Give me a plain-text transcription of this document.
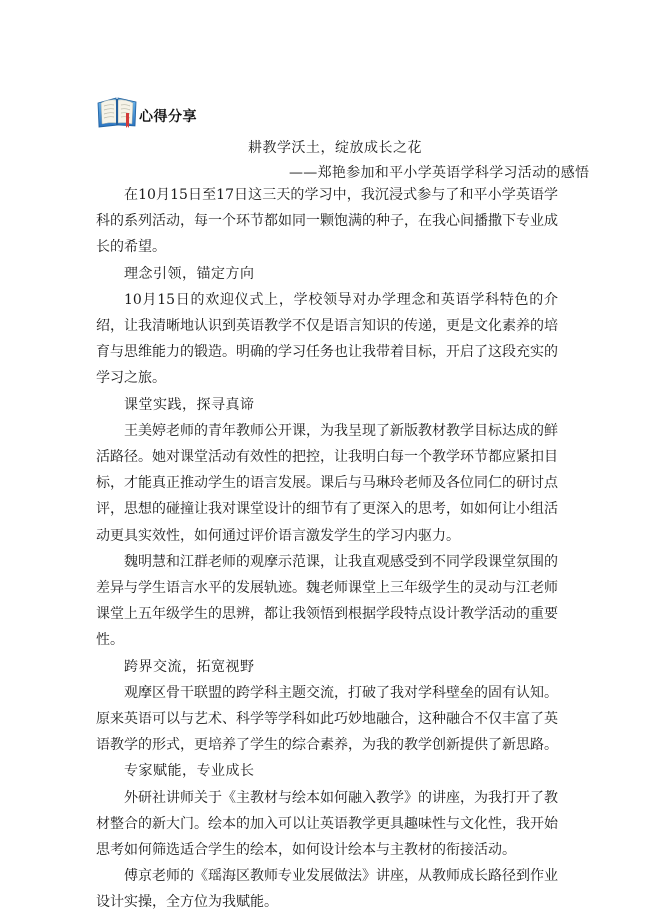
心得分享
耕教学沃土，绽放成长之花
——郑艳参加和平小学英语学科学习活动的感悟

在10月15日至17日这三天的学习中，我沉浸式参与了和平小学英语学科的系列活动，每一个环节都如同一颗饱满的种子，在我心间播撒下专业成长的希望。

理念引领，锚定方向

10月15日的欢迎仪式上，学校领导对办学理念和英语学科特色的介绍，让我清晰地认识到英语教学不仅是语言知识的传递，更是文化素养的培育与思维能力的锻造。明确的学习任务也让我带着目标，开启了这段充实的学习之旅。

课堂实践，探寻真谛

王美婷老师的青年教师公开课，为我呈现了新版教材教学目标达成的鲜活路径。她对课堂活动有效性的把控，让我明白每一个教学环节都应紧扣目标，才能真正推动学生的语言发展。课后与马琳玲老师及各位同仁的研讨点评，思想的碰撞让我对课堂设计的细节有了更深入的思考，如如何让小组活动更具实效性，如何通过评价语言激发学生的学习内驱力。

魏明慧和江群老师的观摩示范课，让我直观感受到不同学段课堂氛围的差异与学生语言水平的发展轨迹。魏老师课堂上三年级学生的灵动与江老师课堂上五年级学生的思辨，都让我领悟到根据学段特点设计教学活动的重要性。

跨界交流，拓宽视野

观摩区骨干联盟的跨学科主题交流，打破了我对学科壁垒的固有认知。原来英语可以与艺术、科学等学科如此巧妙地融合，这种融合不仅丰富了英语教学的形式，更培养了学生的综合素养，为我的教学创新提供了新思路。

专家赋能，专业成长

外研社讲师关于《主教材与绘本如何融入教学》的讲座，为我打开了教材整合的新大门。绘本的加入可以让英语教学更具趣味性与文化性，我开始思考如何筛选适合学生的绘本，如何设计绘本与主教材的衔接活动。

傅京老师的《瑶海区教师专业发展做法》讲座，从教师成长路径到作业设计实操，全方位为我赋能。
